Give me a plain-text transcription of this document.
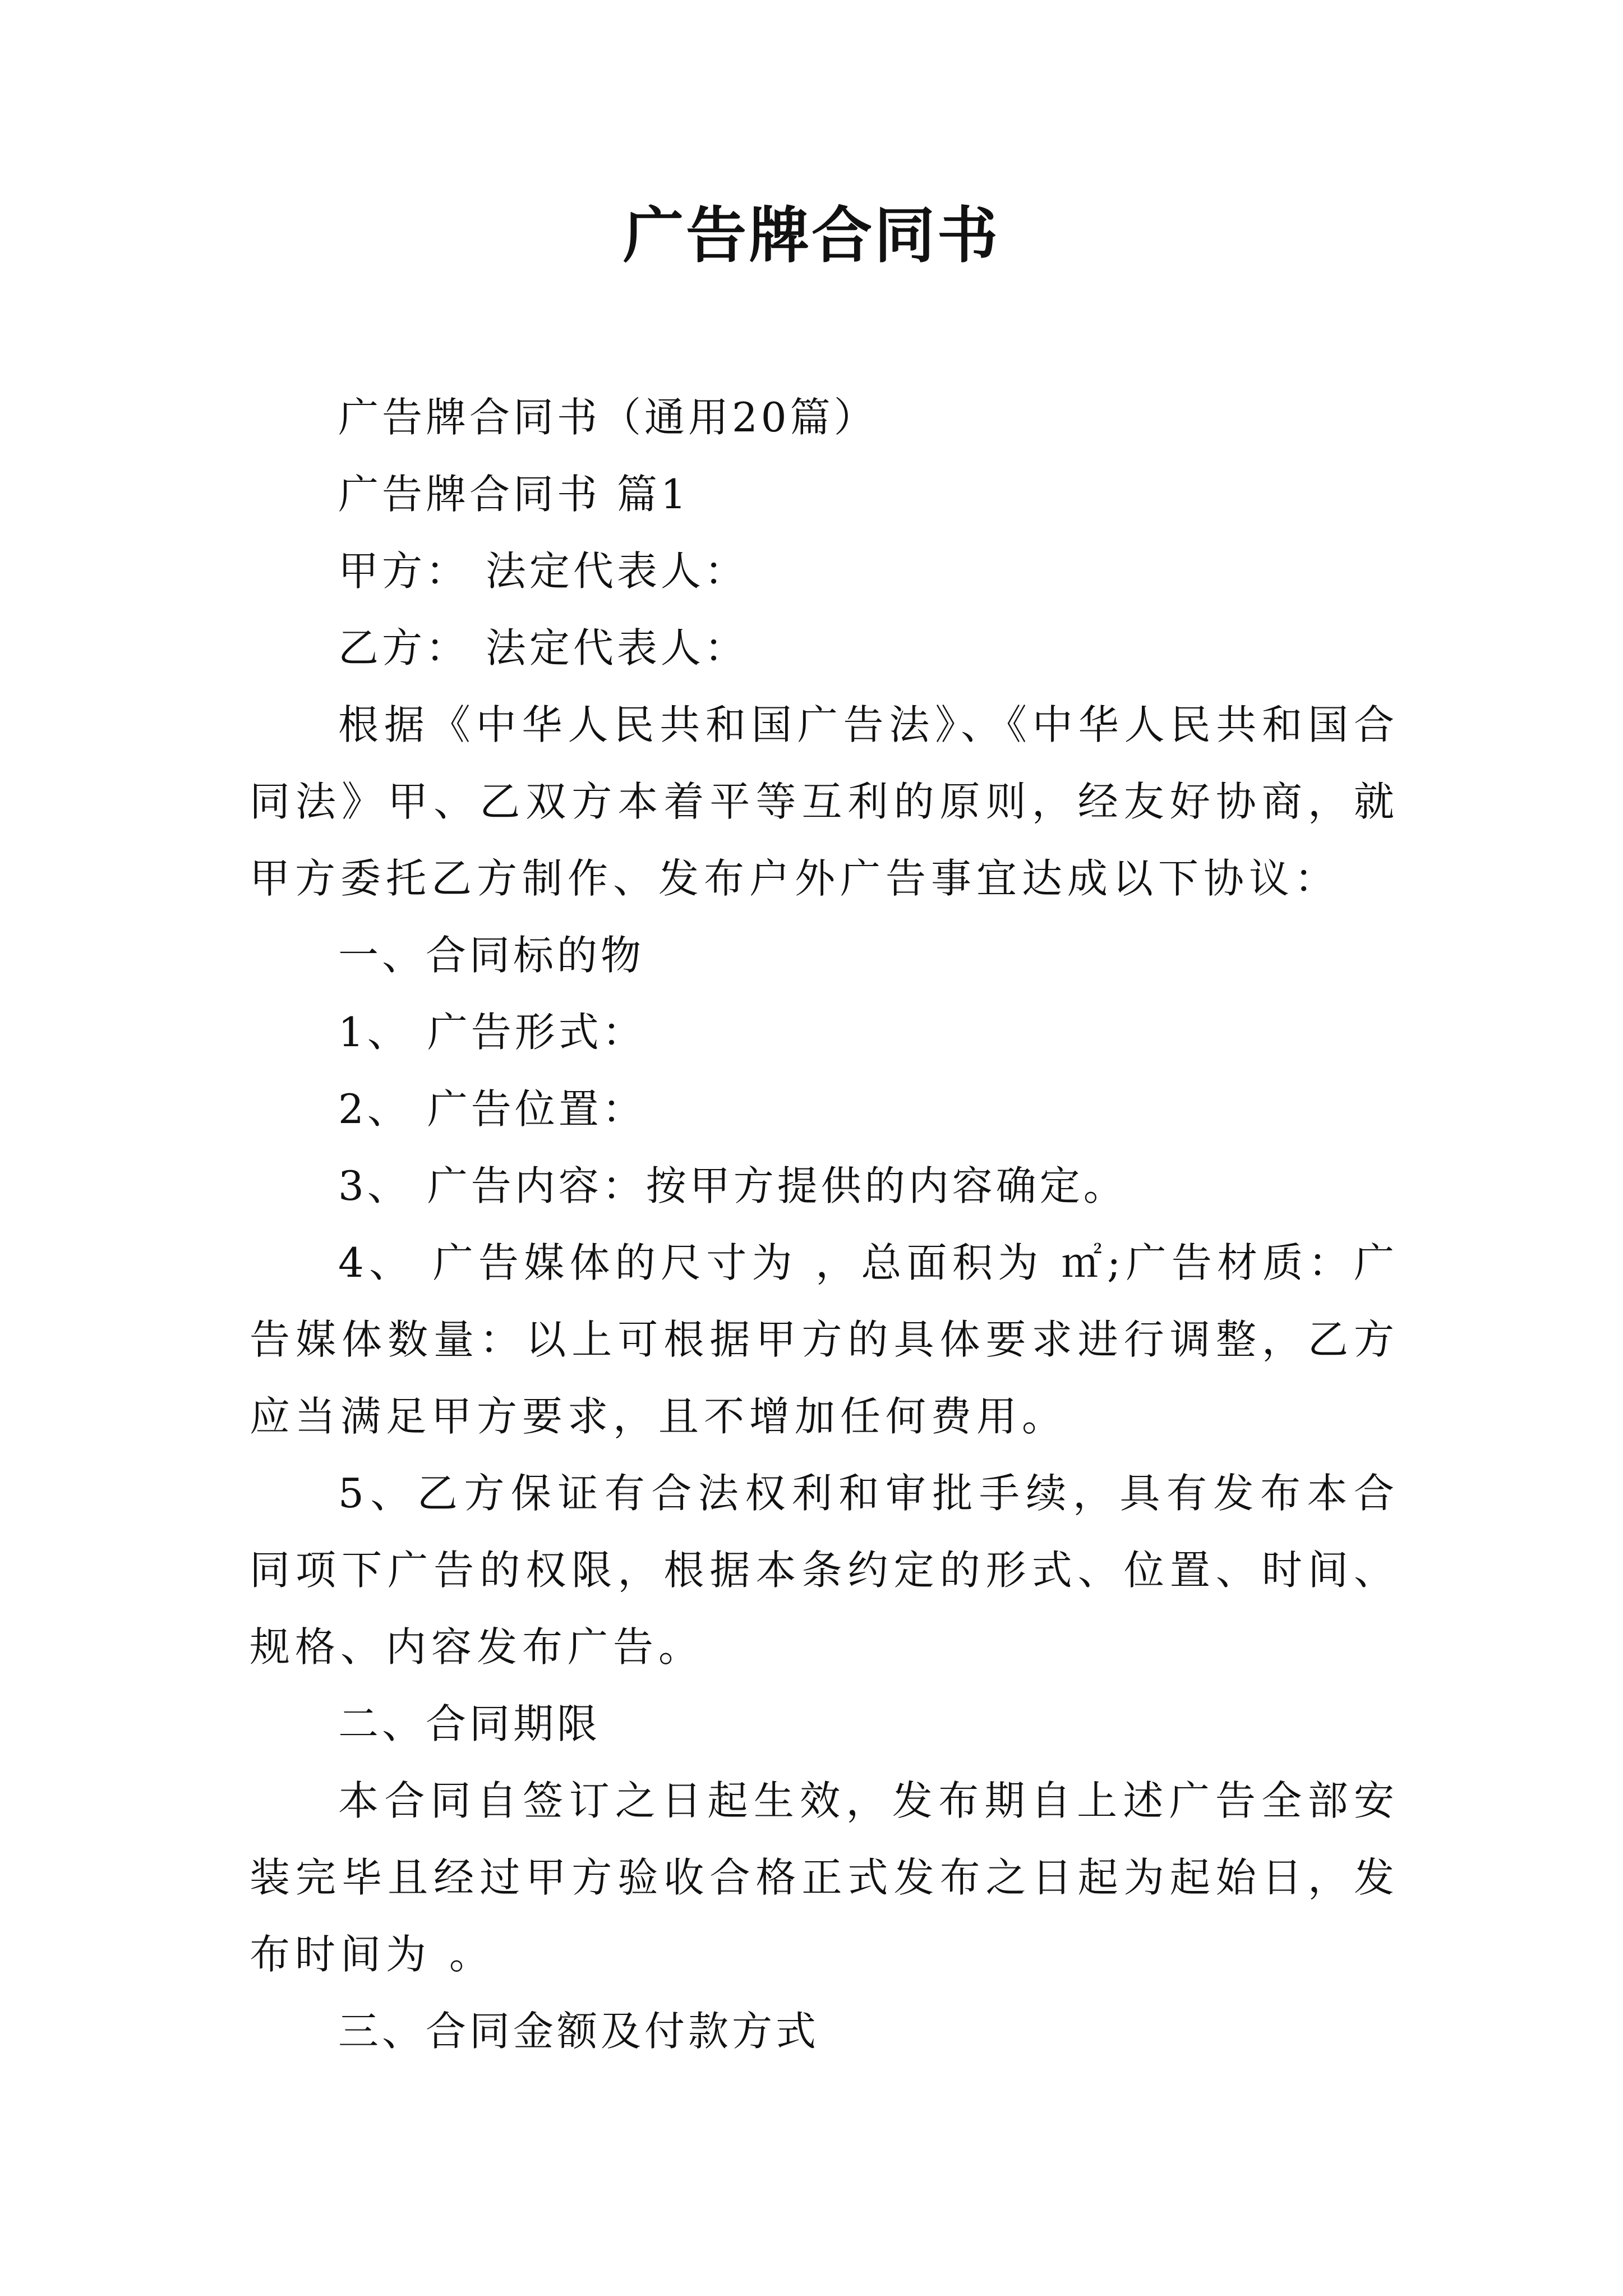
广告牌合同书

广告牌合同书（通用20篇）

广告牌合同书 篇1

甲方： 法定代表人：

乙方： 法定代表人：

根据《中华人民共和国广告法》、《中华人民共和国合同法》甲、乙双方本着平等互利的原则，经友好协商，就甲方委托乙方制作、发布户外广告事宜达成以下协议：

一、合同标的物

1、 广告形式：

2、 广告位置：

3、 广告内容：按甲方提供的内容确定。

4、 广告媒体的尺寸为 ，总面积为 ㎡;广告材质：广告媒体数量：以上可根据甲方的具体要求进行调整，乙方应当满足甲方要求，且不增加任何费用。

5、乙方保证有合法权利和审批手续，具有发布本合同项下广告的权限，根据本条约定的形式、位置、时间、规格、内容发布广告。

二、合同期限

本合同自签订之日起生效，发布期自上述广告全部安装完毕且经过甲方验收合格正式发布之日起为起始日，发布时间为 。

三、合同金额及付款方式
